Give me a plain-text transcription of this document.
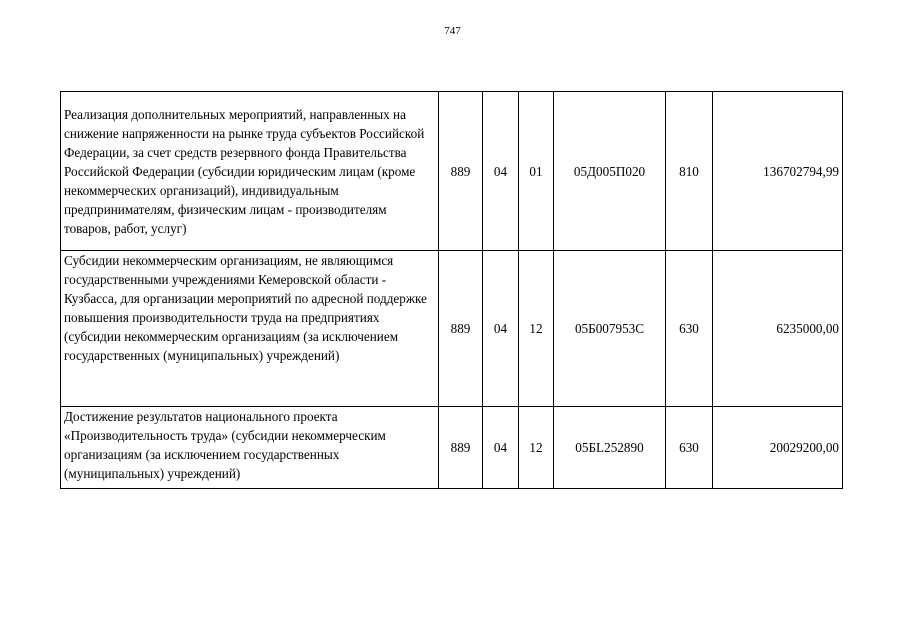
747
Реализация дополнительных мероприятий, направленных на снижение напряженности на рынке труда субъектов Российской Федерации, за счет средств резервного фонда Правительства Российской Федерации (субсидии юридическим лицам (кроме некоммерческих организаций), индивидуальным предпринимателям, физическим лицам - производителям товаров, работ, услуг)	889	04	01	05Д005П020	810	136702794,99
Субсидии некоммерческим организациям, не являющимся государственными учреждениями Кемеровской области - Кузбасса, для организации мероприятий по адресной поддержке повышения производительности труда на предприятиях (субсидии некоммерческим организациям (за исключением государственных (муниципальных) учреждений)	889	04	12	05Б007953С	630	6235000,00
Достижение результатов национального проекта «Производительность труда» (субсидии некоммерческим организациям (за исключением государственных (муниципальных) учреждений)	889	04	12	05БL252890	630	20029200,00
